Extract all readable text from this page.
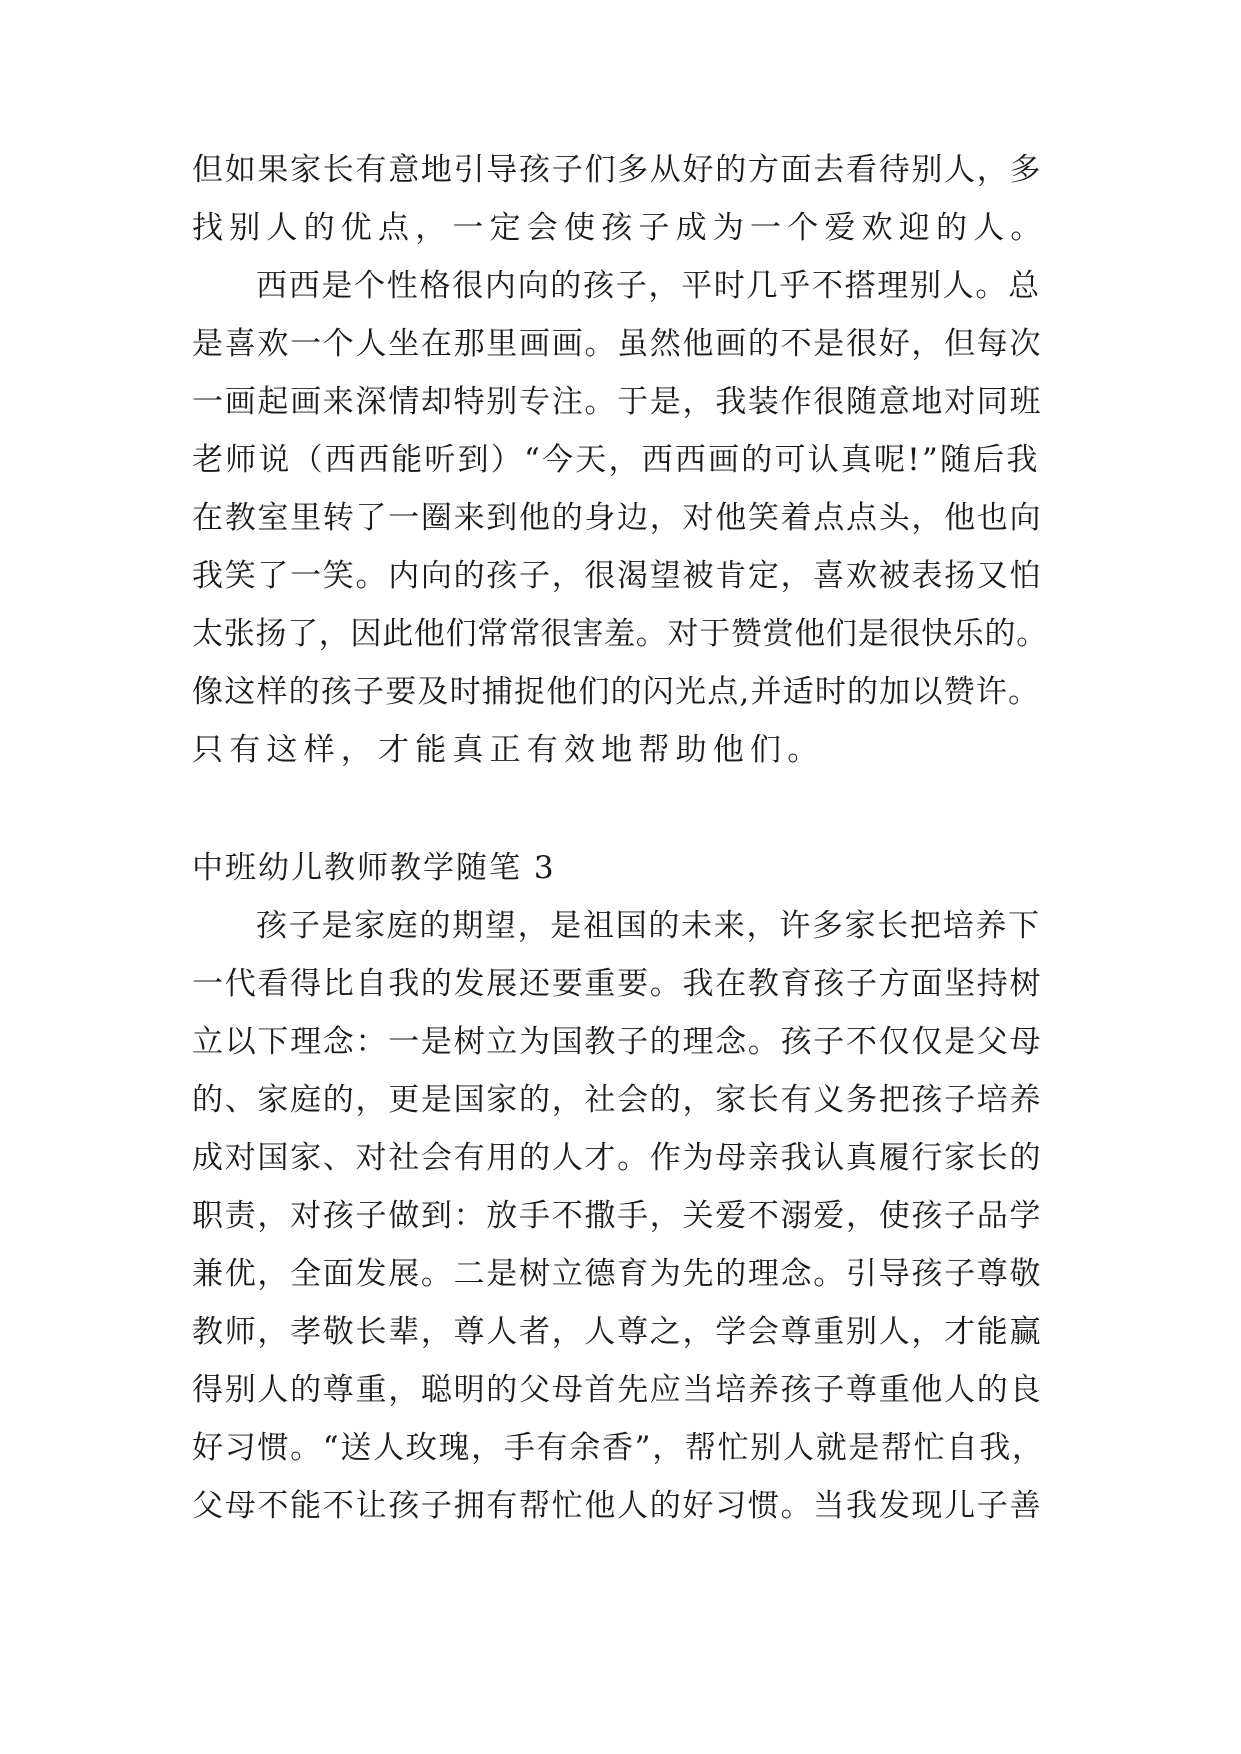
但如果家长有意地引导孩子们多从好的方面去看待别人，多
找别人的优点，一定会使孩子成为一个爱欢迎的人。
西西是个性格很内向的孩子，平时几乎不搭理别人。总
是喜欢一个人坐在那里画画。虽然他画的不是很好，但每次
一画起画来深情却特别专注。于是，我装作很随意地对同班
老师说（西西能听到）“今天，西西画的可认真呢!”随后我
在教室里转了一圈来到他的身边，对他笑着点点头，他也向
我笑了一笑。内向的孩子，很渴望被肯定，喜欢被表扬又怕
太张扬了，因此他们常常很害羞。对于赞赏他们是很快乐的。
像这样的孩子要及时捕捉他们的闪光点,并适时的加以赞许。
只有这样，才能真正有效地帮助他们。
中班幼儿教师教学随笔 3
孩子是家庭的期望，是祖国的未来，许多家长把培养下
一代看得比自我的发展还要重要。我在教育孩子方面坚持树
立以下理念：一是树立为国教子的理念。孩子不仅仅是父母
的、家庭的，更是国家的，社会的，家长有义务把孩子培养
成对国家、对社会有用的人才。作为母亲我认真履行家长的
职责，对孩子做到：放手不撒手，关爱不溺爱，使孩子品学
兼优，全面发展。二是树立德育为先的理念。引导孩子尊敬
教师，孝敬长辈，尊人者，人尊之，学会尊重别人，才能赢
得别人的尊重，聪明的父母首先应当培养孩子尊重他人的良
好习惯。“送人玫瑰，手有余香”，帮忙别人就是帮忙自我，
父母不能不让孩子拥有帮忙他人的好习惯。当我发现儿子善
